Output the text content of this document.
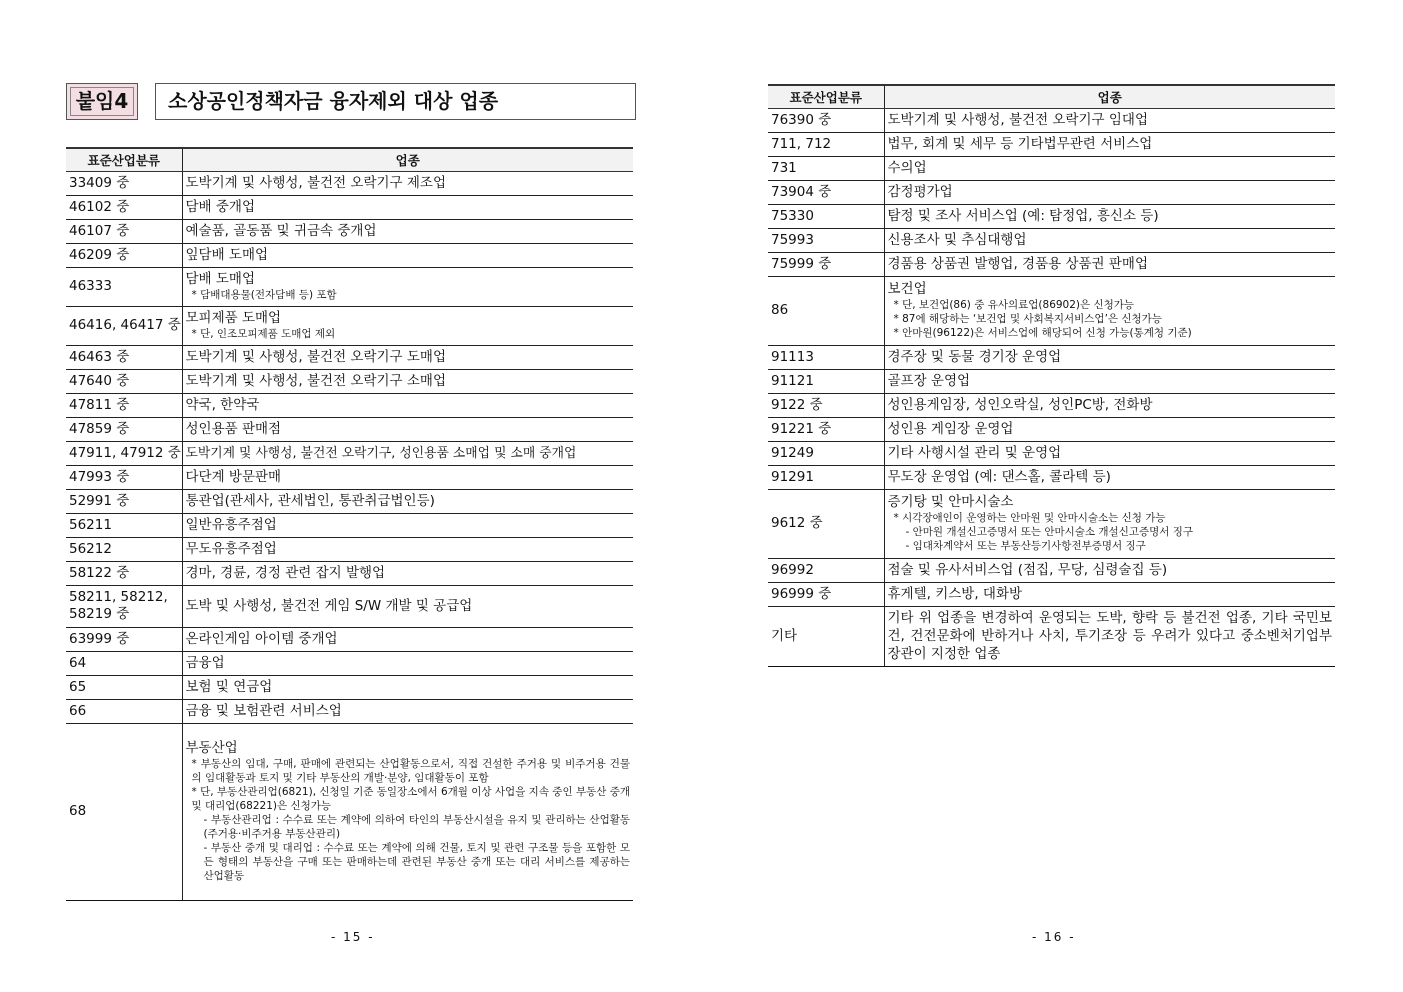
붙임4	소상공인정책자금 융자제외 대상 업종
표준산업분류	업종
33409 중	도박기계 및 사행성, 불건전 오락기구 제조업
46102 중	담배 중개업
46107 중	예술품, 골동품 및 귀금속 중개업
46209 중	잎담배 도매업
46333	담배 도매업
* 담배대용물(전자담배 등) 포함

46416, 46417 중	모피제품 도매업
* 단, 인조모피제품 도매업 제외

46463 중	도박기계 및 사행성, 불건전 오락기구 도매업
47640 중	도박기계 및 사행성, 불건전 오락기구 소매업
47811 중	약국, 한약국
47859 중	성인용품 판매점
47911, 47912 중	도박기계 및 사행성, 불건전 오락기구, 성인용품 소매업 및 소매 중개업
47993 중	다단계 방문판매
52991 중	통관업(관세사, 관세법인, 통관취급법인등)
56211	일반유흥주점업
56212	무도유흥주점업
58122 중	경마, 경륜, 경정 관련 잡지 발행업
58211, 58212, 58219 중	도박 및 사행성, 불건전 게임 S/W 개발 및 공급업
63999 중	온라인게임 아이템 중개업
64	금융업
65	보험 및 연금업
66	금융 및 보험관련 서비스업
68	부동산업
* 부동산의 임대, 구매, 판매에 관련되는 산업활동으로서, 직접 건설한 주거용 및 비주거용 건물의 임대활동과 토지 및 기타 부동산의 개발·분양, 임대활동이 포함
* 단, 부동산관리업(6821), 신청일 기준 동일장소에서 6개월 이상 사업을 지속 중인 부동산 중개 및 대리업(68221)은 신청가능
- 부동산관리업 : 수수료 또는 계약에 의하여 타인의 부동산시설을 유지 및 관리하는 산업활동(주거용·비주거용 부동산관리)
- 부동산 중개 및 대리업 : 수수료 또는 계약에 의해 건물, 토지 및 관련 구조물 등을 포함한 모든 형태의 부동산을 구매 또는 판매하는데 관련된 부동산 중개 또는 대리 서비스를 제공하는 산업활동
- 15 -
표준산업분류	업종
76390 중	도박기계 및 사행성, 불건전 오락기구 임대업
711, 712	법무, 회계 및 세무 등 기타법무관련 서비스업
731	수의업
73904 중	감정평가업
75330	탐정 및 조사 서비스업 (예: 탐정업, 흥신소 등)
75993	신용조사 및 추심대행업
75999 중	경품용 상품권 발행업, 경품용 상품권 판매업
86	보건업
* 단, 보건업(86) 중 유사의료업(86902)은 신청가능
* 87에 해당하는 ‘보건업 및 사회복지서비스업’은 신청가능
* 안마원(96122)은 서비스업에 해당되어 신청 가능(통계청 기준)

91113	경주장 및 동물 경기장 운영업
91121	골프장 운영업
9122 중	성인용게임장, 성인오락실, 성인PC방, 전화방
91221 중	성인용 게임장 운영업
91249	기타 사행시설 관리 및 운영업
91291	무도장 운영업 (예: 댄스홀, 콜라텍 등)
9612 중	증기탕 및 안마시술소
* 시각장애인이 운영하는 안마원 및 안마시술소는 신청 가능
- 안마원 개설신고증명서 또는 안마시술소 개설신고증명서 징구
- 임대차계약서 또는 부동산등기사항전부증명서 징구

96992	점술 및 유사서비스업 (점집, 무당, 심령술집 등)
96999 중	휴게텔, 키스방, 대화방
기타	기타 위 업종을 변경하여 운영되는 도박, 향락 등 불건전 업종, 기타 국민보건, 건전문화에 반하거나 사치, 투기조장 등 우려가 있다고 중소벤처기업부 장관이 지정한 업종
- 16 -
